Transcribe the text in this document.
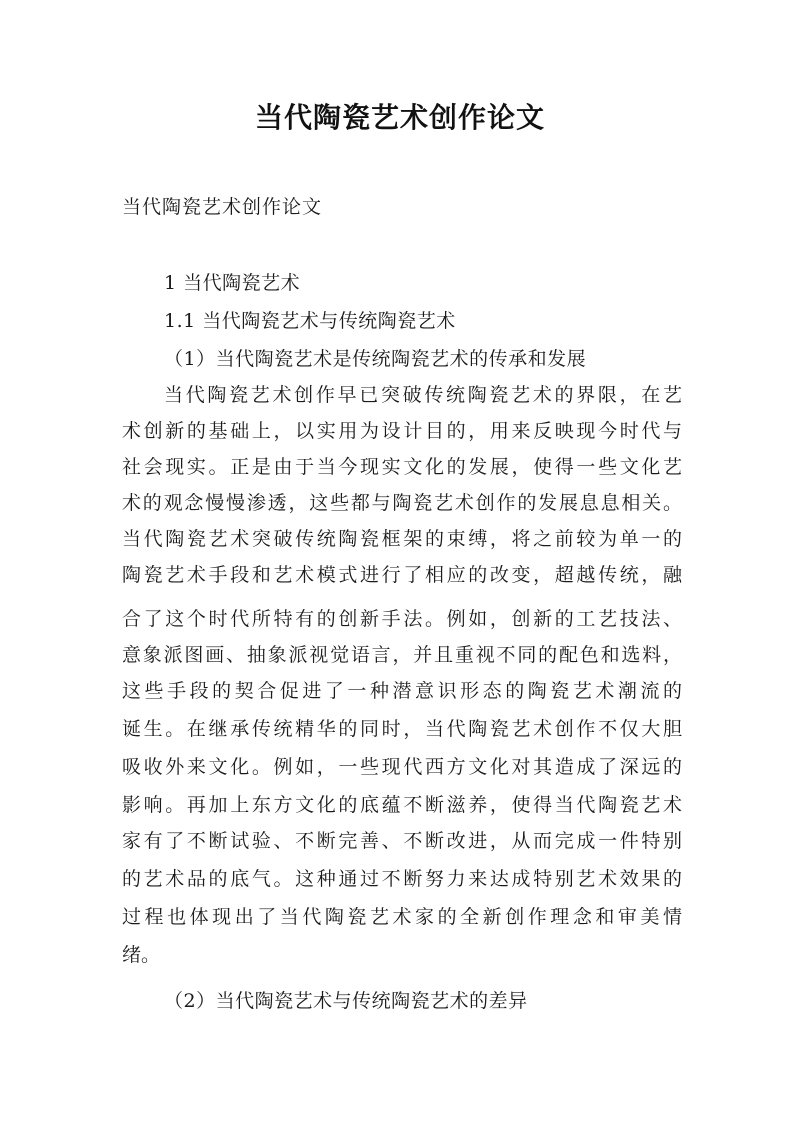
当代陶瓷艺术创作论文
当代陶瓷艺术创作论文
1 当代陶瓷艺术
1.1 当代陶瓷艺术与传统陶瓷艺术
（1）当代陶瓷艺术是传统陶瓷艺术的传承和发展
当代陶瓷艺术创作早已突破传统陶瓷艺术的界限，在艺
术创新的基础上，以实用为设计目的，用来反映现今时代与
社会现实。正是由于当今现实文化的发展，使得一些文化艺
术的观念慢慢渗透，这些都与陶瓷艺术创作的发展息息相关。
当代陶瓷艺术突破传统陶瓷框架的束缚，将之前较为单一的
陶瓷艺术手段和艺术模式进行了相应的改变，超越传统，融
合了这个时代所特有的创新手法。例如，创新的工艺技法、
意象派图画、抽象派视觉语言，并且重视不同的配色和选料，
这些手段的契合促进了一种潜意识形态的陶瓷艺术潮流的
诞生。在继承传统精华的同时，当代陶瓷艺术创作不仅大胆
吸收外来文化。例如，一些现代西方文化对其造成了深远的
影响。再加上东方文化的底蕴不断滋养，使得当代陶瓷艺术
家有了不断试验、不断完善、不断改进，从而完成一件特别
的艺术品的底气。这种通过不断努力来达成特别艺术效果的
过程也体现出了当代陶瓷艺术家的全新创作理念和审美情
绪。
（2）当代陶瓷艺术与传统陶瓷艺术的差异
